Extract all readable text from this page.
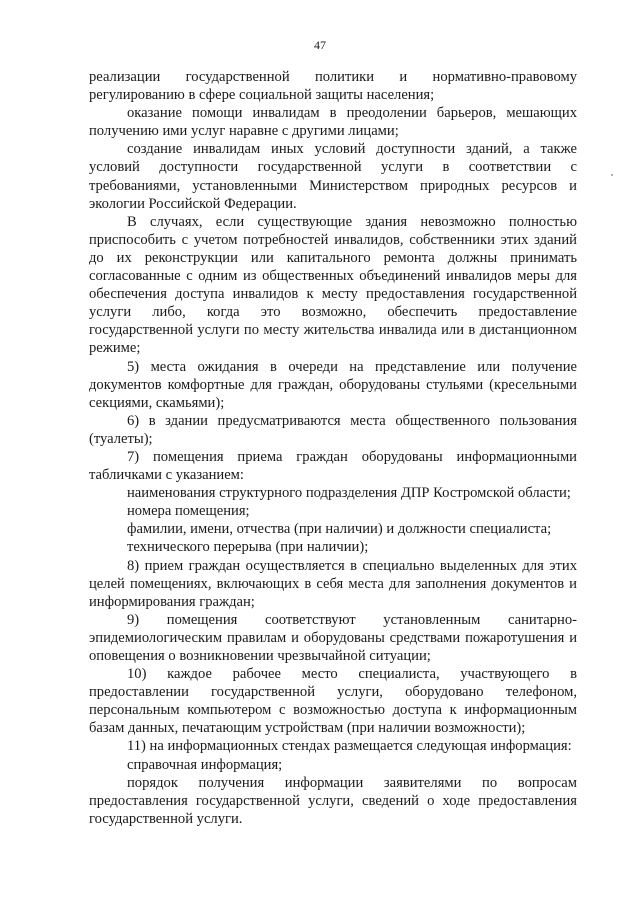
47

реализации государственной политики и нормативно-правовому регулированию в сфере социальной защиты населения;

оказание помощи инвалидам в преодолении барьеров, мешающих получению ими услуг наравне с другими лицами;

создание инвалидам иных условий доступности зданий, а также условий доступности государственной услуги в соответствии с требованиями, установленными Министерством природных ресурсов и экологии Российской Федерации.

В случаях, если существующие здания невозможно полностью приспособить с учетом потребностей инвалидов, собственники этих зданий до их реконструкции или капитального ремонта должны принимать согласованные с одним из общественных объединений инвалидов меры для обеспечения доступа инвалидов к месту предоставления государственной услуги либо, когда это возможно, обеспечить предоставление государственной услуги по месту жительства инвалида или в дистанционном режиме;

5) места ожидания в очереди на представление или получение документов комфортные для граждан, оборудованы стульями (кресельными секциями, скамьями);

6) в здании предусматриваются места общественного пользования (туалеты);

7) помещения приема граждан оборудованы информационными табличками с указанием:

наименования структурного подразделения ДПР Костромской области;

номера помещения;

фамилии, имени, отчества (при наличии) и должности специалиста;

технического перерыва (при наличии);

8) прием граждан осуществляется в специально выделенных для этих целей помещениях, включающих в себя места для заполнения документов и информирования граждан;

9) помещения соответствуют установленным санитарно-эпидемиологическим правилам и оборудованы средствами пожаротушения и оповещения о возникновении чрезвычайной ситуации;

10) каждое рабочее место специалиста, участвующего в предоставлении государственной услуги, оборудовано телефоном, персональным компьютером с возможностью доступа к информационным базам данных, печатающим устройствам (при наличии возможности);

11) на информационных стендах размещается следующая информация:

справочная информация;

порядок получения информации заявителями по вопросам предоставления государственной услуги, сведений о ходе предоставления государственной услуги.
